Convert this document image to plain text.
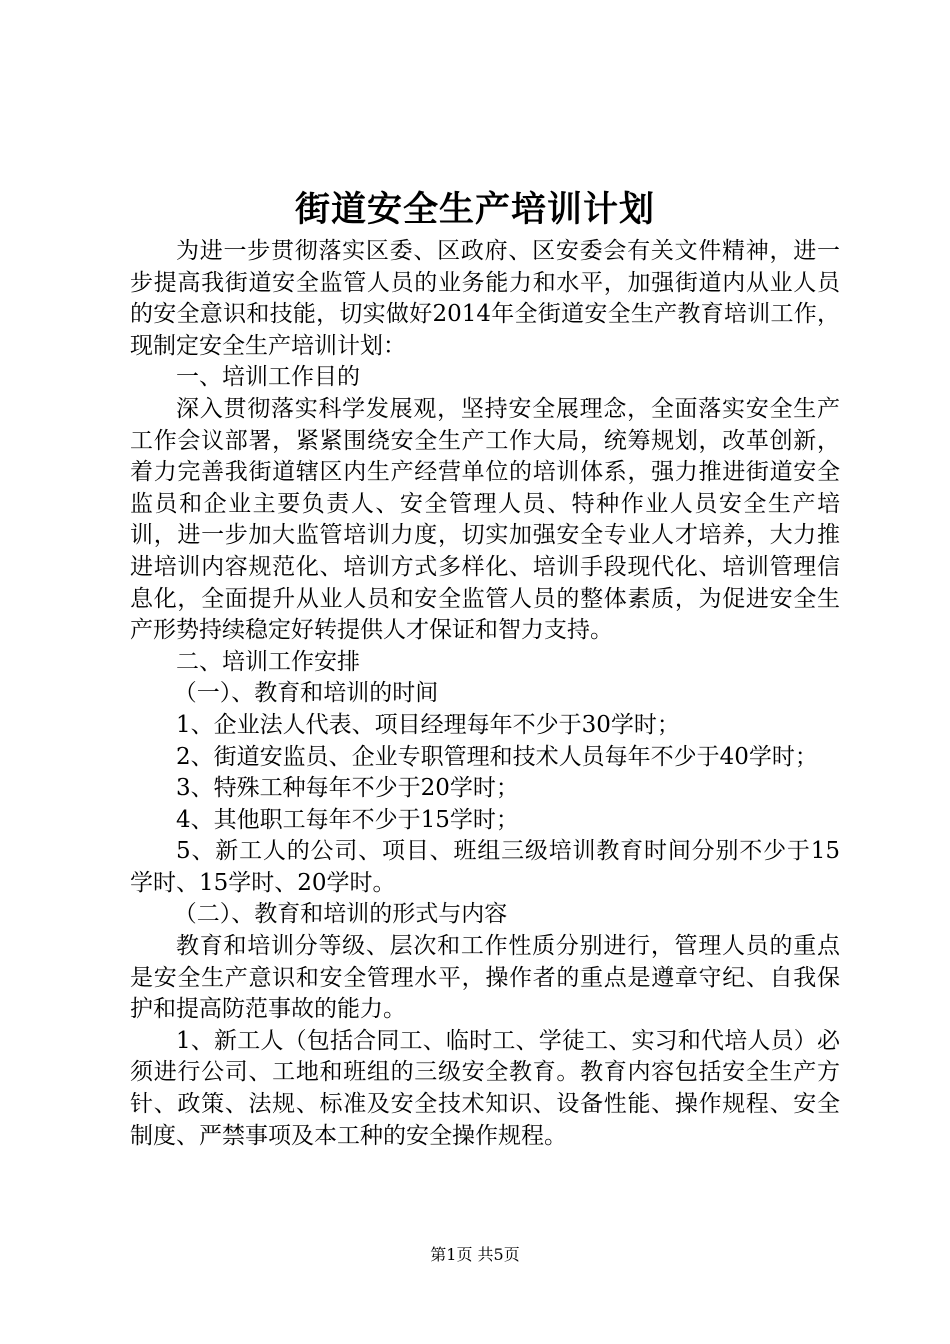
街道安全生产培训计划

为进一步贯彻落实区委、区政府、区安委会有关文件精神，进一步提高我街道安全监管人员的业务能力和水平，加强街道内从业人员的安全意识和技能，切实做好2014年全街道安全生产教育培训工作，现制定安全生产培训计划：

一、培训工作目的

深入贯彻落实科学发展观，坚持安全展理念，全面落实安全生产工作会议部署，紧紧围绕安全生产工作大局，统筹规划，改革创新，着力完善我街道辖区内生产经营单位的培训体系，强力推进街道安全监员和企业主要负责人、安全管理人员、特种作业人员安全生产培训，进一步加大监管培训力度，切实加强安全专业人才培养，大力推进培训内容规范化、培训方式多样化、培训手段现代化、培训管理信息化，全面提升从业人员和安全监管人员的整体素质，为促进安全生产形势持续稳定好转提供人才保证和智力支持。

二、培训工作安排

（一）、教育和培训的时间

1、企业法人代表、项目经理每年不少于30学时；

2、街道安监员、企业专职管理和技术人员每年不少于40学时；

3、特殊工种每年不少于20学时；

4、其他职工每年不少于15学时；

5、新工人的公司、项目、班组三级培训教育时间分别不少于15学时、15学时、20学时。

（二）、教育和培训的形式与内容

教育和培训分等级、层次和工作性质分别进行，管理人员的重点是安全生产意识和安全管理水平，操作者的重点是遵章守纪、自我保护和提高防范事故的能力。

1、新工人（包括合同工、临时工、学徒工、实习和代培人员）必须进行公司、工地和班组的三级安全教育。教育内容包括安全生产方针、政策、法规、标准及安全技术知识、设备性能、操作规程、安全制度、严禁事项及本工种的安全操作规程。

第1页 共5页
